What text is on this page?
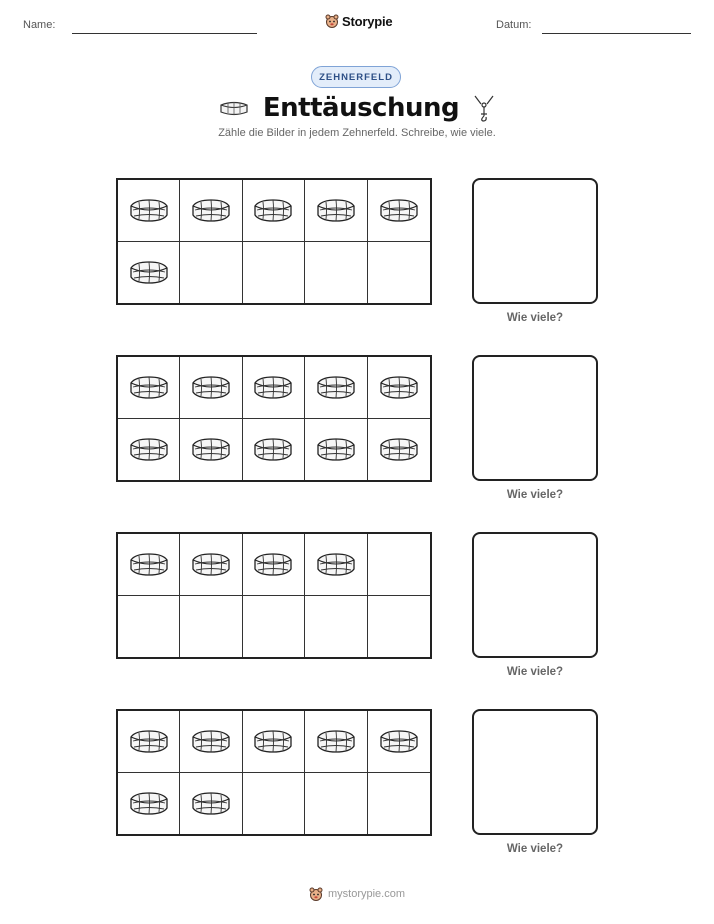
Name:	Storypie	Datum:
ZEHNERFELD
Enttäuschung
Zähle die Bilder in jedem Zehnerfeld. Schreibe, wie viele.
Wie viele?
Wie viele?
Wie viele?
Wie viele?
mystorypie.com
